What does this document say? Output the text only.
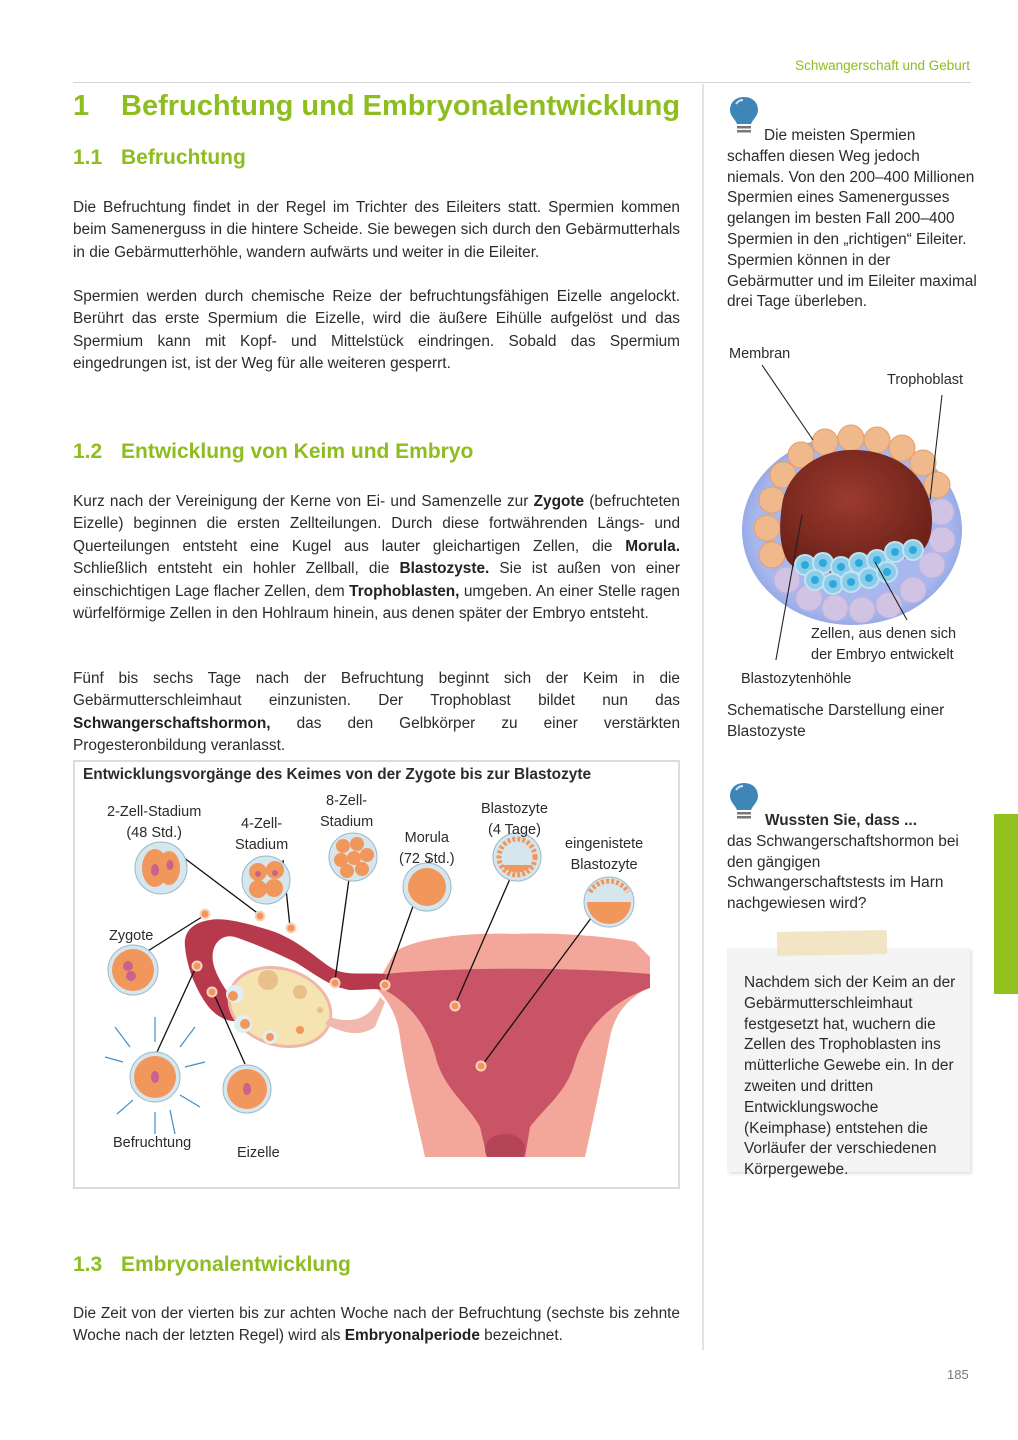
Schwangerschaft und Geburt
1 Befruchtung und Embryonalentwicklung
1.1 Befruchtung

Die Befruchtung findet in der Regel im Trichter des Eileiters statt. Spermien kommen beim Samenerguss in die hintere Scheide. Sie bewegen sich durch den Gebärmutterhals in die Gebärmutterhöhle, wandern aufwärts und weiter in die Eileiter.

Spermien werden durch chemische Reize der befruchtungsfähigen Eizelle angelockt. Berührt das erste Spermium die Eizelle, wird die äußere Eihülle aufgelöst und das Spermium kann mit Kopf- und Mittelstück eindringen. Sobald das Spermium eingedrungen ist, ist der Weg für alle weiteren gesperrt.

1.2 Entwicklung von Keim und Embryo

Kurz nach der Vereinigung der Kerne von Ei- und Samenzelle zur Zygote (befruchteten Eizelle) beginnen die ersten Zellteilungen. Durch diese fortwährenden Längs- und Querteilungen entsteht eine Kugel aus lauter gleichartigen Zellen, die Morula. Schließlich entsteht ein hohler Zellball, die Blastozyste. Sie ist außen von einer einschichtigen Lage flacher Zellen, dem Trophoblasten, umgeben. An einer Stelle ragen würfelförmige Zellen in den Hohlraum hinein, aus denen später der Embryo entsteht.

Fünf bis sechs Tage nach der Befruchtung beginnt sich der Keim in die Gebärmutterschleimhaut einzunisten. Der Trophoblast bildet nun das Schwangerschaftshormon, das den Gelbkörper zu einer verstärkten Progesteronbildung veranlasst.

1.3 Embryonalentwicklung

Die Zeit von der vierten bis zur achten Woche nach der Befruchtung (sechste bis zehnte Woche nach der letzten Regel) wird als Embryonalperiode bezeichnet.

Entwicklungsvorgänge des Keimes von der Zygote bis zur Blastozyte
2-Zell-Stadium
(48 Std.)
4-Zell-
Stadium
8-Zell-
Stadium
Morula
(72 Std.)
Blastozyte
(4 Tage)
eingenistete
Blastozyte
Zygote
Befruchtung
Eizelle
Die meisten Spermien
schaffen diesen Weg jedoch niemals. Von den 200–400 Millionen Spermien eines Samenergusses gelangen im besten Fall 200–400 Spermien in den „richtigen“ Eileiter. Spermien können in der Gebärmutter und im Eileiter maximal drei Tage überleben.
Membran
Trophoblast
Zellen, aus denen sich
der Embryo entwickelt
Blastozytenhöhle
Schematische Darstellung einer Blastozyste
Wussten Sie, dass ...
das Schwangerschaftshormon bei den gängigen Schwangerschaftstests im Harn nachgewiesen wird?
Nachdem sich der Keim an der Gebärmutterschleimhaut festgesetzt hat, wuchern die Zellen des Trophoblasten ins mütterliche Gewebe ein. In der zweiten und dritten Entwicklungswoche (Keimphase) entstehen die Vorläufer der verschiedenen Körpergewebe.
185
